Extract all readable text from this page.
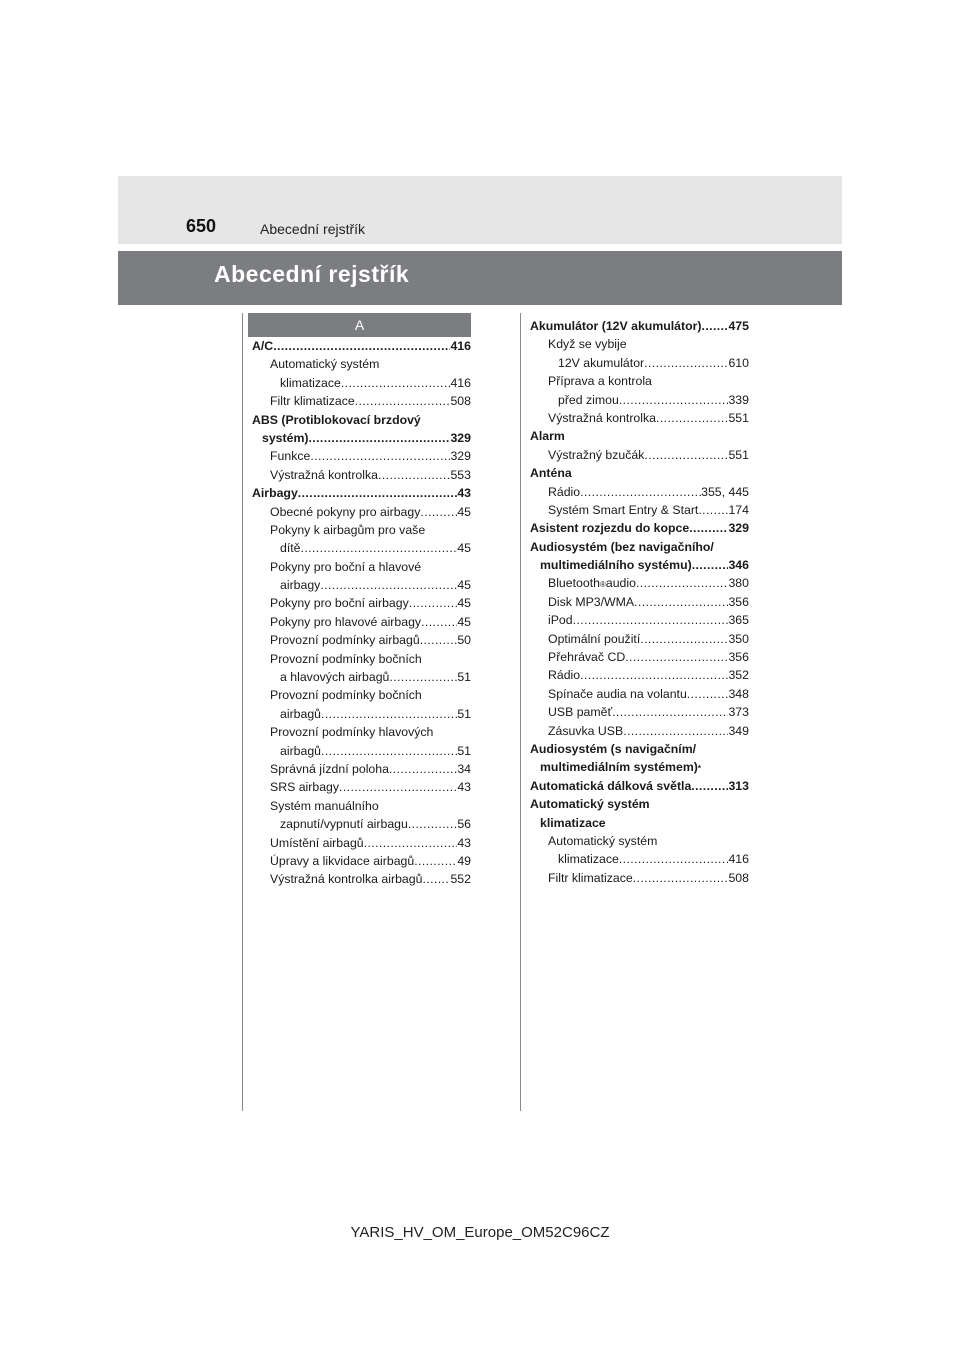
650	Abecední rejstřík
Abecední rejstřík
A
A/C .....	416
Automatický systém
klimatizace .....	416
Filtr klimatizace .....	508
ABS (Protiblokovací brzdový
systém) .....	329
Funkce .....	329
Výstražná kontrolka .....	553
Airbagy .....	43
Obecné pokyny pro airbagy .....	45
Pokyny k airbagům pro vaše
dítě .....	45
Pokyny pro boční a hlavové
airbagy .....	45
Pokyny pro boční airbagy .....	45
Pokyny pro hlavové airbagy .....	45
Provozní podmínky airbagů .....	50
Provozní podmínky bočních
a hlavových airbagů .....	51
Provozní podmínky bočních
airbagů .....	51
Provozní podmínky hlavových
airbagů .....	51
Správná jízdní poloha .....	34
SRS airbagy .....	43
Systém manuálního
zapnutí/vypnutí airbagu .....	56
Umístění airbagů .....	43
Úpravy a likvidace airbagů .....	49
Výstražná kontrolka airbagů ..... 552
Akumulátor (12V akumulátor) ..... 475
Když se vybije
12V akumulátor .....	610
Příprava a kontrola
před zimou .....	339
Výstražná kontrolka .....	551
Alarm
Výstražný bzučák .....	551
Anténa
Rádio .....	355, 445
Systém Smart Entry & Start ..... 174
Asistent rozjezdu do kopce .....	329
Audiosystém (bez navigačního/
multimediálního systému) .....	346
Bluetooth ® audio .....	380
Disk MP3/WMA .....	356
iPod .....	365
Optimální použití .....	350
Přehrávač CD .....	356
Rádio .....	352
Spínače audia na volantu .....	348
USB paměť .....	373
Zásuvka USB .....	349
Audiosystém (s navigačním/
multimediálním systémem) *
Automatická dálková světla .....	313
Automatický systém
klimatizace
Automatický systém
klimatizace .....	416
Filtr klimatizace .....	508
YARIS_HV_OM_Europe_OM52C96CZ
